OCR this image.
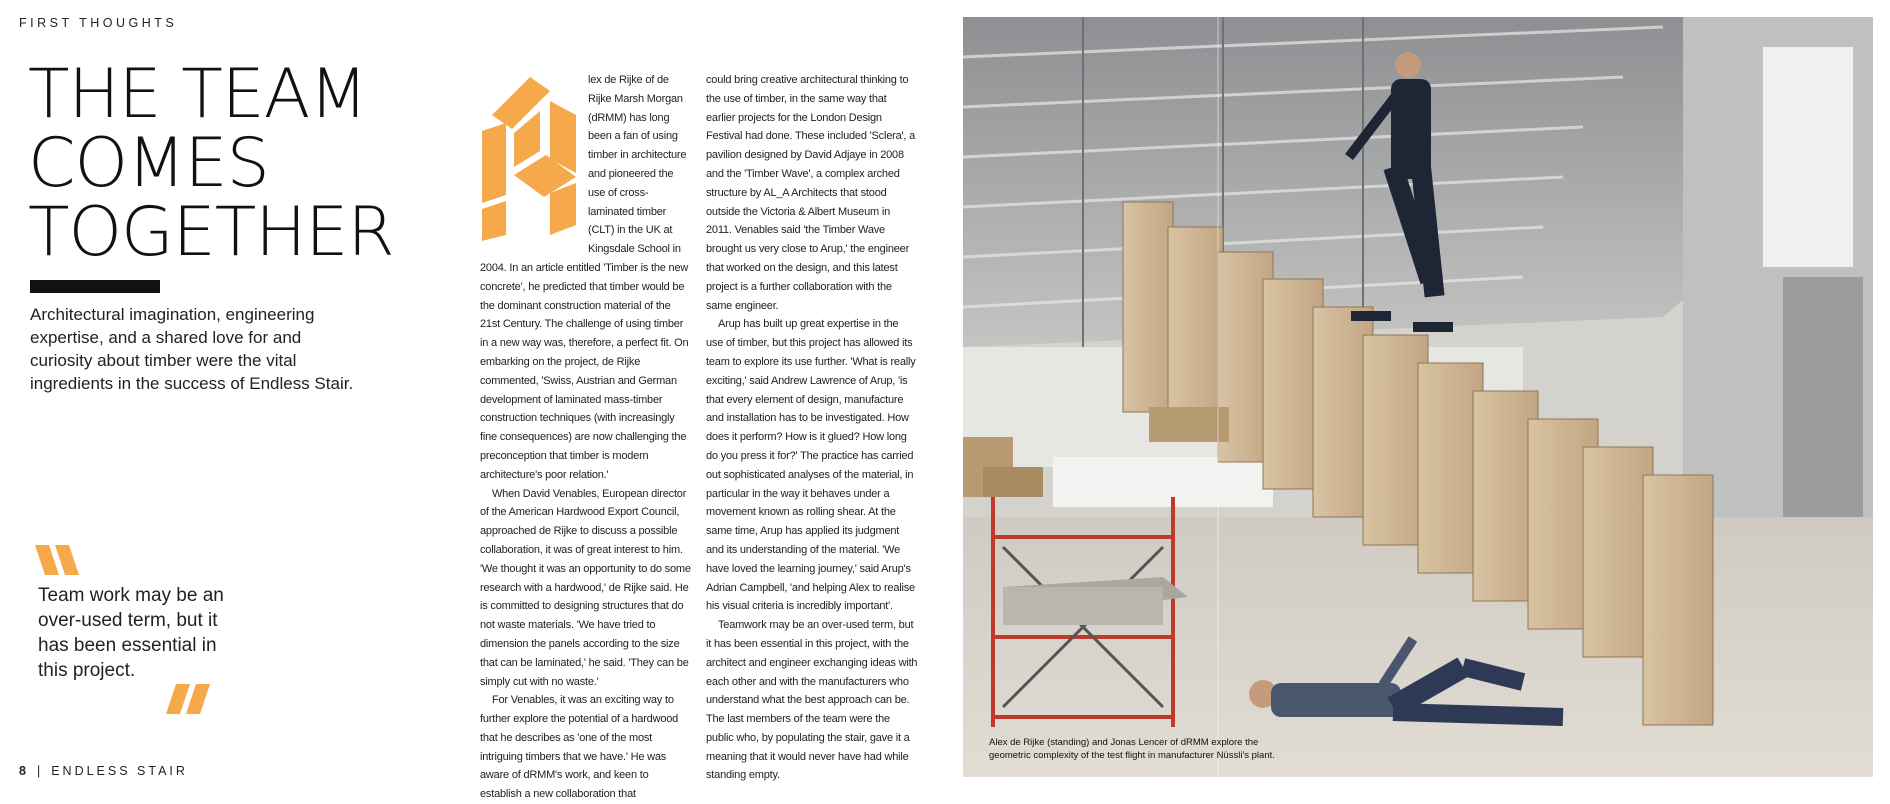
FIRST THOUGHTS
THE TEAM
COMES
TOGETHER
Architectural imagination, engineering expertise, and a shared love for and curiosity about timber were the vital ingredients in the success of Endless Stair.
Team work may be an over-used term, but it has been essential in this project.
8 | ENDLESS STAIR

lex de Rijke of de Rijke Marsh Morgan (dRMM) has long been a fan of using timber in architecture and pioneered the use of cross-laminated timber (CLT) in the UK at Kingsdale School in 2004. In an article entitled 'Timber is the new concrete', he predicted that timber would be the dominant construction material of the 21st Century. The challenge of using timber in a new way was, therefore, a perfect fit. On embarking on the project, de Rijke commented, 'Swiss, Austrian and German development of laminated mass-timber construction techniques (with increasingly fine consequences) are now challenging the preconception that timber is modern architecture's poor relation.'

When David Venables, European director of the American Hardwood Export Council, approached de Rijke to discuss a possible collaboration, it was of great interest to him. 'We thought it was an opportunity to do some research with a hardwood,' de Rijke said. He is committed to designing structures that do not waste materials. 'We have tried to dimension the panels according to the size that can be laminated,' he said. 'They can be simply cut with no waste.'

For Venables, it was an exciting way to further explore the potential of a hardwood that he describes as 'one of the most intriguing timbers that we have.' He was aware of dRMM's work, and keen to establish a new collaboration that

could bring creative architectural thinking to the use of timber, in the same way that earlier projects for the London Design Festival had done. These included 'Sclera', a pavilion designed by David Adjaye in 2008 and the 'Timber Wave', a complex arched structure by AL_A Architects that stood outside the Victoria & Albert Museum in 2011. Venables said 'the Timber Wave brought us very close to Arup,' the engineer that worked on the design, and this latest project is a further collaboration with the same engineer.

Arup has built up great expertise in the use of timber, but this project has allowed its team to explore its use further. 'What is really exciting,' said Andrew Lawrence of Arup, 'is that every element of design, manufacture and installation has to be investigated. How does it perform? How is it glued? How long do you press it for?' The practice has carried out sophisticated analyses of the material, in particular in the way it behaves under a movement known as rolling shear. At the same time, Arup has applied its judgment and its understanding of the material. 'We have loved the learning journey,' said Arup's Adrian Campbell, 'and helping Alex to realise his visual criteria is incredibly important'.

Teamwork may be an over-used term, but it has been essential in this project, with the architect and engineer exchanging ideas with each other and with the manufacturers who understand what the best approach can be. The last members of the team were the public who, by populating the stair, gave it a meaning that it would never have had while standing empty.

Alex de Rijke (standing) and Jonas Lencer of dRMM explore the geometric complexity of the test flight in manufacturer Nüssli's plant.
